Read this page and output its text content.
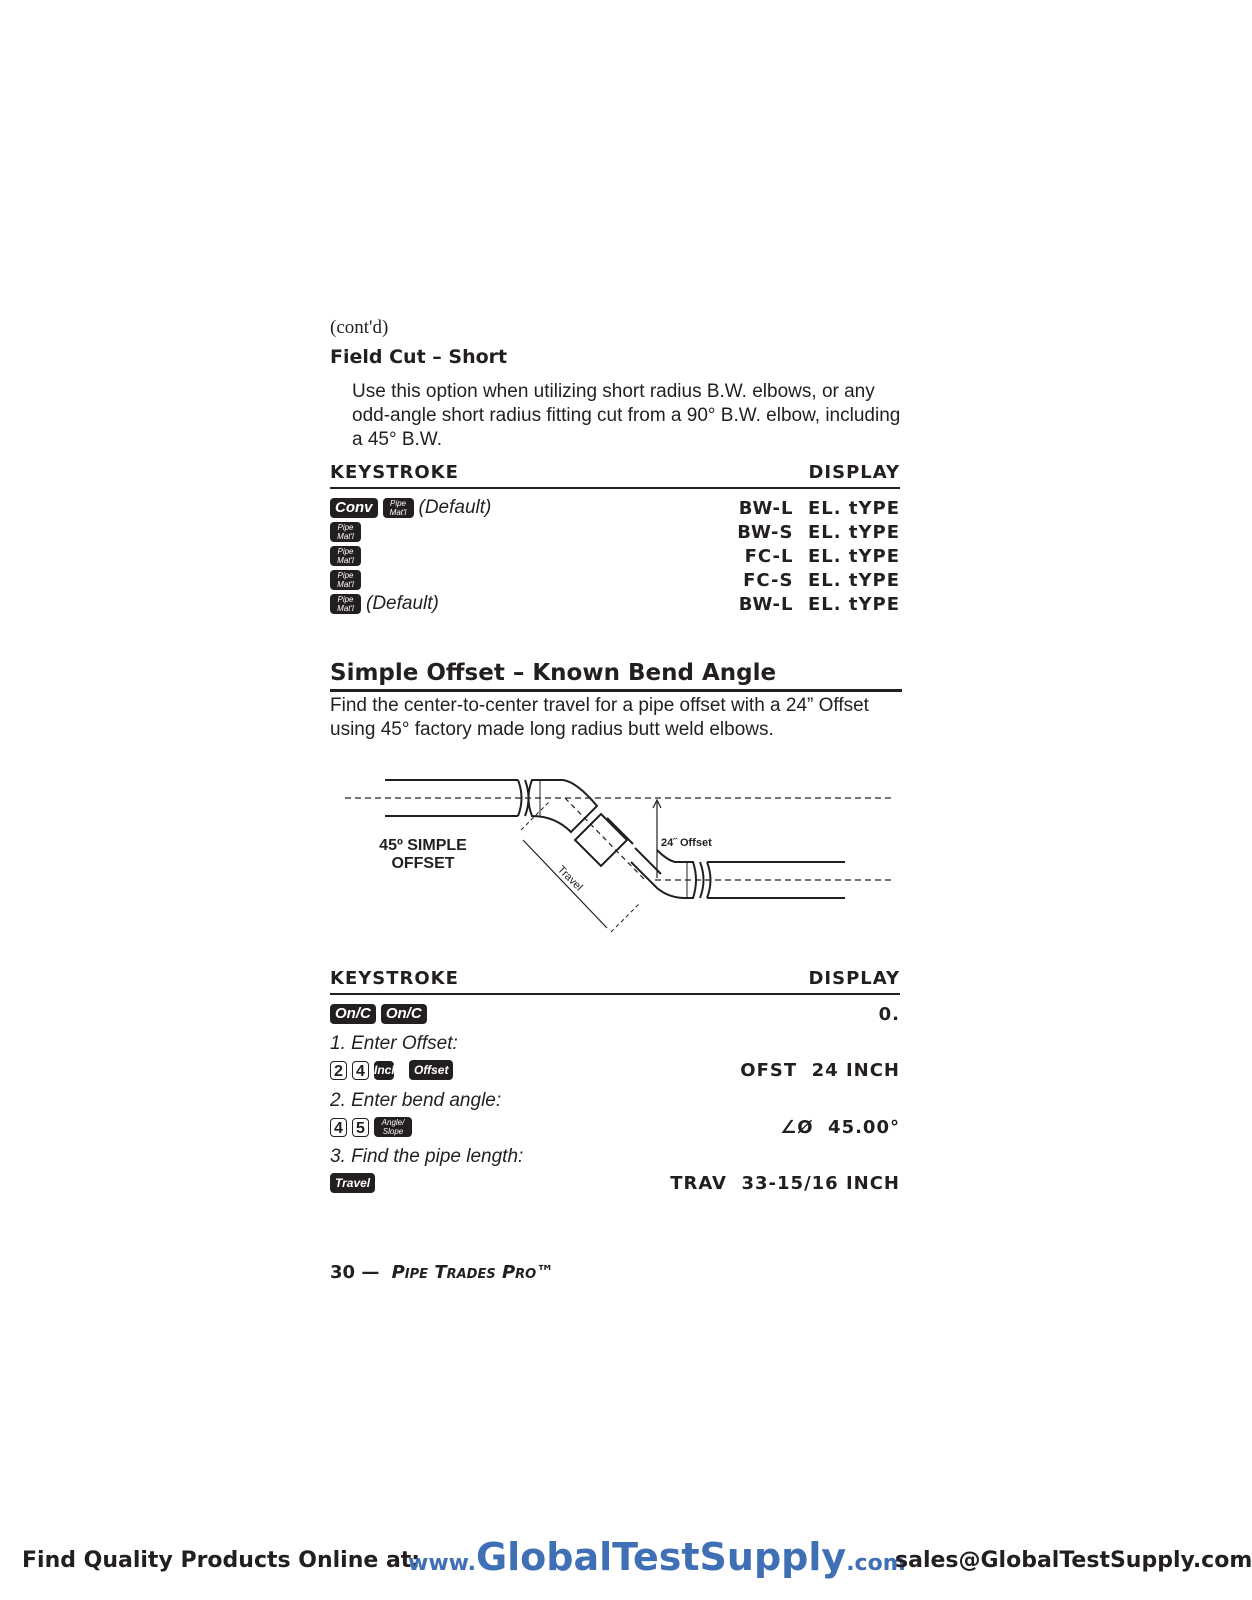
(cont'd)
Field Cut – Short
Use this option when utilizing short radius B.W. elbows, or any odd-angle short radius fitting cut from a 90° B.W. elbow, including a 45° B.W.
KEYSTROKE	DISPLAY
Conv	Pipe Mat'l (Default)	BW-L  EL. tYPE
Pipe Mat'l	BW-S  EL. tYPE
Pipe Mat'l	FC-L  EL. tYPE
Pipe Mat'l	FC-S  EL. tYPE
Pipe Mat'l (Default)	BW-L  EL. tYPE
Simple Offset – Known Bend Angle
Find the center-to-center travel for a pipe offset with a 24” Offset using 45° factory made long radius butt weld elbows.
45º SIMPLE
OFFSET
24˝ Offset
Travel
KEYSTROKE	DISPLAY
On/C	On/C	0.
1. Enter Offset:
2 4 Inch	Offset	OFST  24 INCH
2. Enter bend angle:
4 5	Angle/ Slope	∠Ø  45.00°
3. Find the pipe length:
Travel	TRAV  33-15/16 INCH
30 — Pipe Trades Pro™
Find Quality Products Online at:
www.GlobalTestSupply.com
sales@GlobalTestSupply.com
